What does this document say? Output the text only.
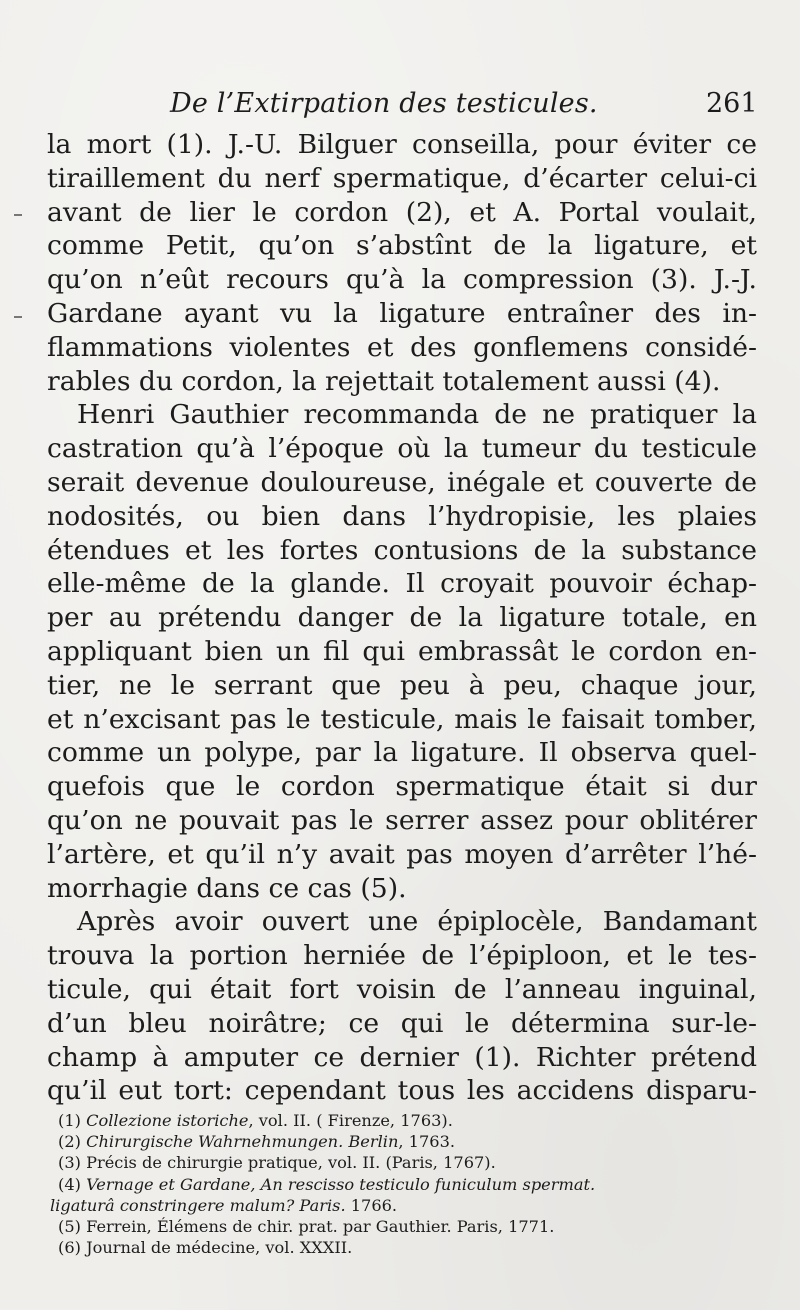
De l’Extirpation des testicules.	261
la mort (1). J.-U. Bilguer conseilla, pour éviter ce
tiraillement du nerf spermatique, d’écarter celui-ci
avant de lier le cordon (2), et A. Portal voulait,
comme Petit, qu’on s’abstînt de la ligature, et
qu’on n’eût recours qu’à la compression (3). J.-J.
Gardane ayant vu la ligature entraîner des in-
flammations violentes et des gonflemens considé-
rables du cordon, la rejettait totalement aussi (4).
Henri Gauthier recommanda de ne pratiquer la
castration qu’à l’époque où la tumeur du testicule
serait devenue douloureuse, inégale et couverte de
nodosités, ou bien dans l’hydropisie, les plaies
étendues et les fortes contusions de la substance
elle-même de la glande. Il croyait pouvoir échap-
per au prétendu danger de la ligature totale, en
appliquant bien un fil qui embrassât le cordon en-
tier, ne le serrant que peu à peu, chaque jour,
et n’excisant pas le testicule, mais le faisait tomber,
comme un polype, par la ligature. Il observa quel-
quefois que le cordon spermatique était si dur
qu’on ne pouvait pas le serrer assez pour oblitérer
l’artère, et qu’il n’y avait pas moyen d’arrêter l’hé-
morrhagie dans ce cas (5).
Après avoir ouvert une épiplocèle, Bandamant
trouva la portion herniée de l’épiploon, et le tes-
ticule, qui était fort voisin de l’anneau inguinal,
d’un bleu noirâtre; ce qui le détermina sur-le-
champ à amputer ce dernier (1). Richter prétend
qu’il eut tort: cependant tous les accidens disparu-
(1) Collezione istoriche, vol. II. ( Firenze, 1763).
(2) Chirurgische Wahrnehmungen. Berlin, 1763.
(3) Précis de chirurgie pratique, vol. II. (Paris, 1767).
(4) Vernage et Gardane, An rescisso testiculo funiculum spermat.
ligaturâ constringere malum? Paris. 1766.
(5) Ferrein, Élémens de chir. prat. par Gauthier. Paris, 1771.
(6) Journal de médecine, vol. XXXII.
